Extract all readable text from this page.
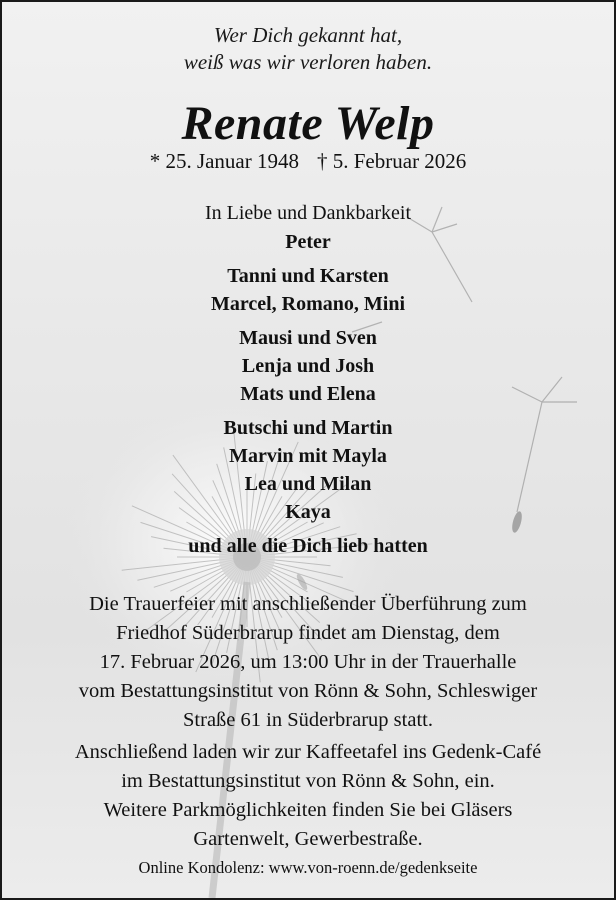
Wer Dich gekannt hat,
weiß was wir verloren haben.
Renate Welp
* 25. Januar 1948 † 5. Februar 2026
In Liebe und Dankbarkeit
Peter
Tanni und Karsten
Marcel, Romano, Mini
Mausi und Sven
Lenja und Josh
Mats und Elena
Butschi und Martin
Marvin mit Mayla
Lea und Milan
Kaya
und alle die Dich lieb hatten
Die Trauerfeier mit anschließender Überführung zum
Friedhof Süderbrarup findet am Dienstag, dem
17. Februar 2026, um 13:00 Uhr in der Trauerhalle
vom Bestattungsinstitut von Rönn & Sohn, Schleswiger
Straße 61 in Süderbrarup statt.
Anschließend laden wir zur Kaffeetafel ins Gedenk-Café
im Bestattungsinstitut von Rönn & Sohn, ein.
Weitere Parkmöglichkeiten finden Sie bei Gläsers
Gartenwelt, Gewerbestraße.
Online Kondolenz: www.von-roenn.de/gedenkseite
